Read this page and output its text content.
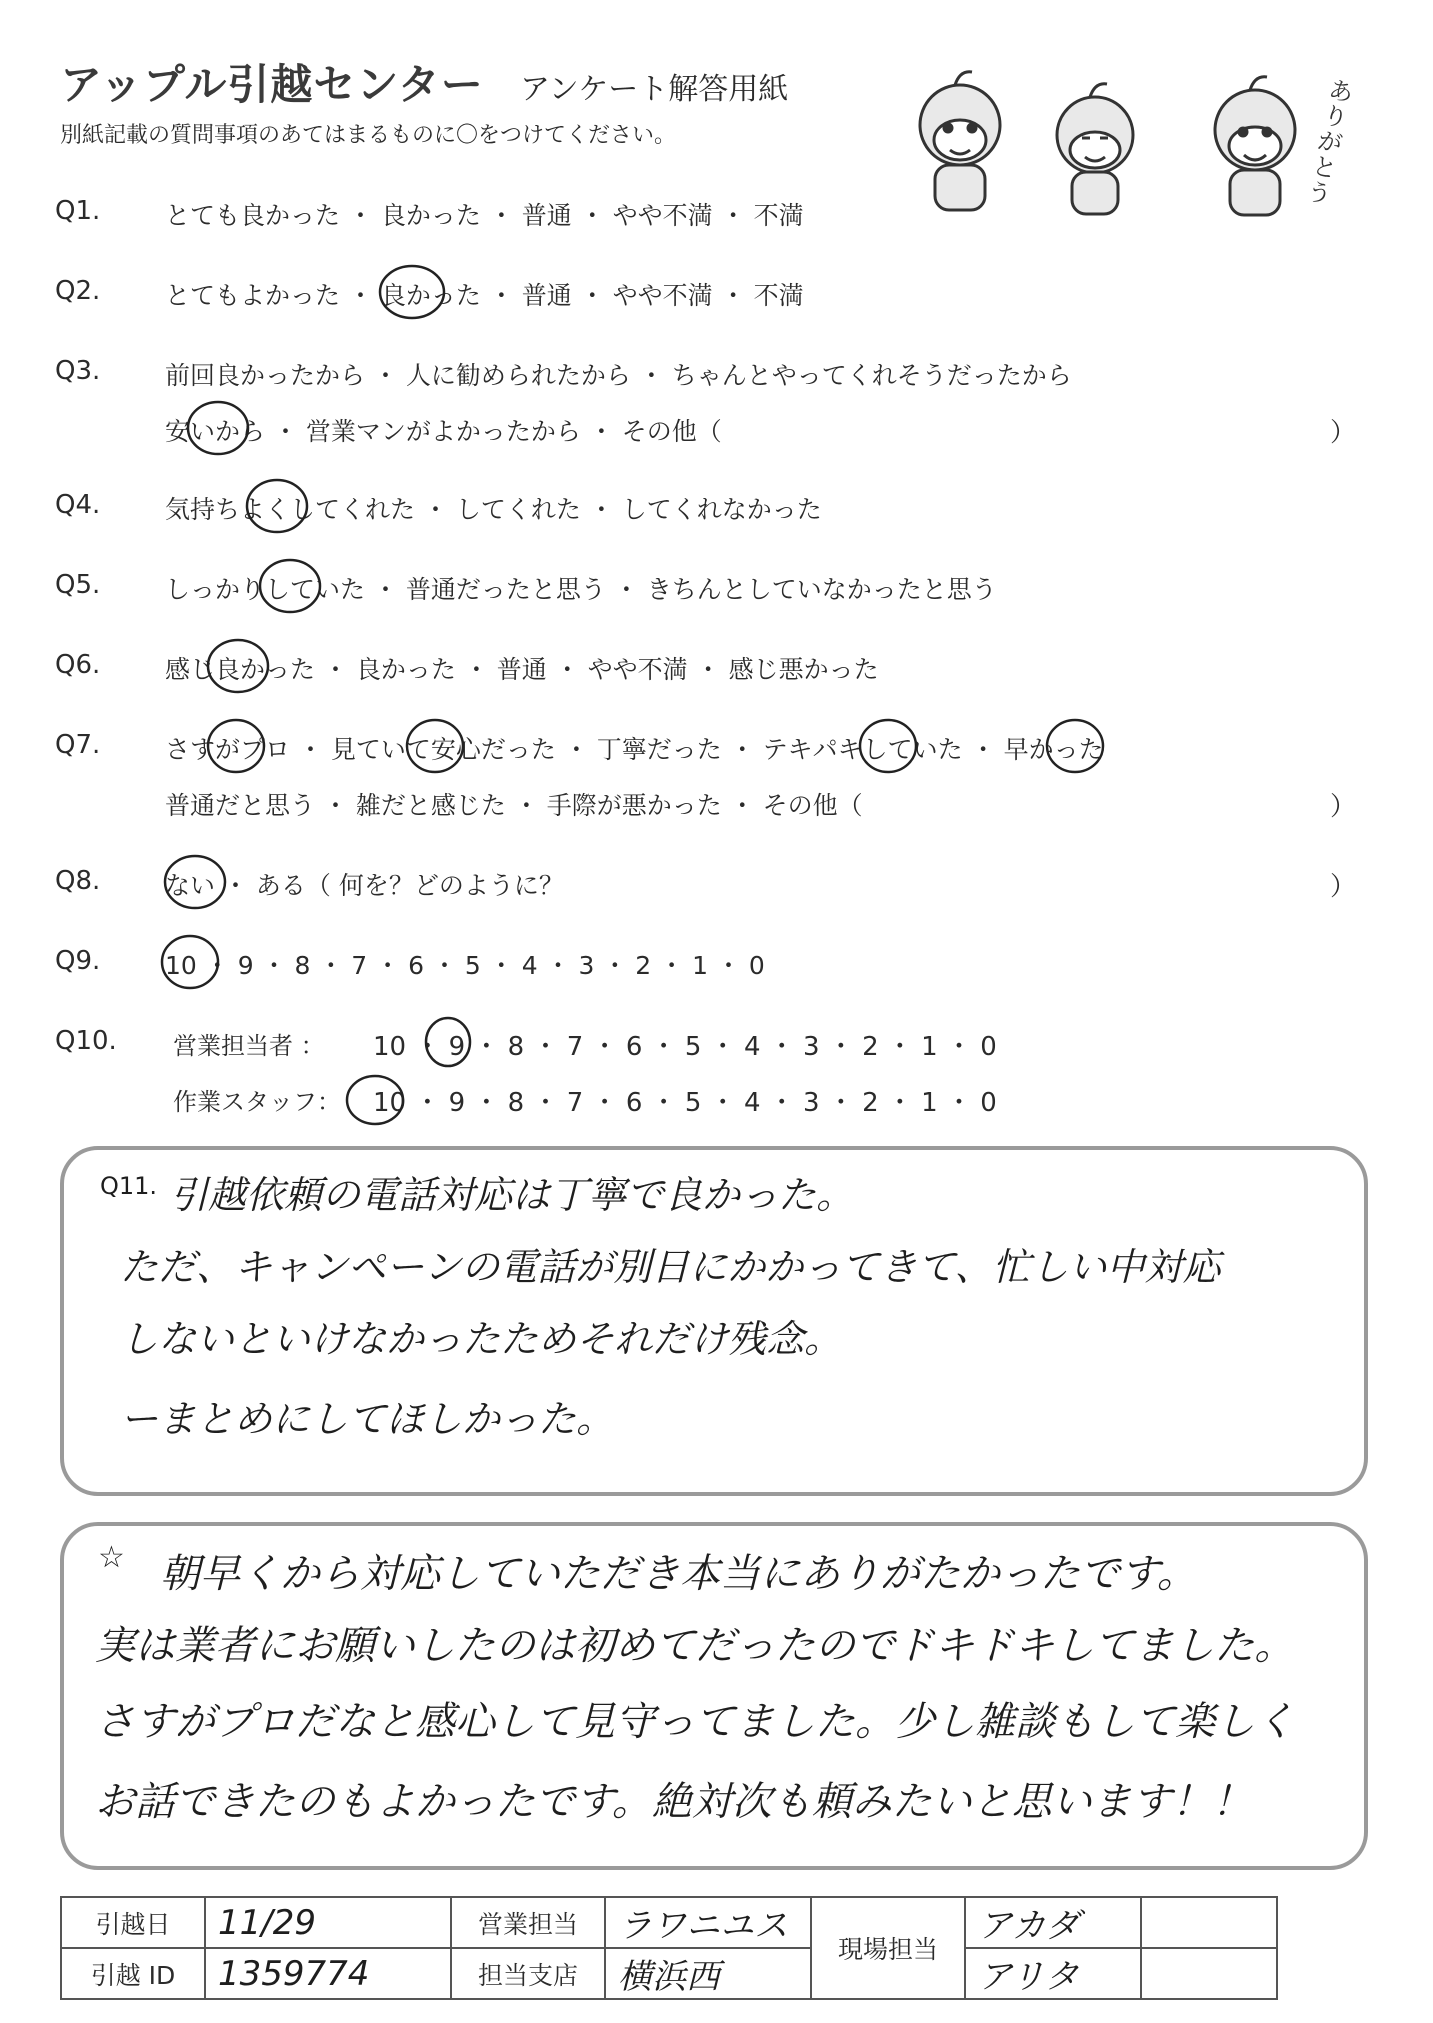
アップル引越センター アンケート解答用紙
別紙記載の質問事項のあてはまるものに〇をつけてください。
ありがとう
Q1.	とても良かった ・ 良かった ・ 普通 ・ やや不満 ・ 不満
Q2.	とてもよかった ・ 良かった ・ 普通 ・ やや不満 ・ 不満
Q3.	前回良かったから ・ 人に勧められたから ・ ちゃんとやってくれそうだったから
安いから ・ 営業マンがよかったから ・ その他（	）
Q4.	気持ちよくしてくれた ・ してくれた ・ してくれなかった
Q5.	しっかりしていた ・ 普通だったと思う ・ きちんとしていなかったと思う
Q6.	感じ良かった ・ 良かった ・ 普通 ・ やや不満 ・ 感じ悪かった
Q7.	さすがプロ ・ 見ていて安心だった ・ 丁寧だった ・ テキパキしていた ・ 早かった
普通だと思う ・ 雑だと感じた ・ 手際が悪かった ・ その他（	）
Q8.	ない ・ ある（ 何を？どのように？	）
Q9.	10 ・ 9 ・ 8 ・ 7 ・ 6 ・ 5 ・ 4 ・ 3 ・ 2 ・ 1 ・ 0
Q10. 営業担当者 ： 10 ・ 9 ・ 8 ・ 7 ・ 6 ・ 5 ・ 4 ・ 3 ・ 2 ・ 1 ・ 0
作業スタッフ： 10 ・ 9 ・ 8 ・ 7 ・ 6 ・ 5 ・ 4 ・ 3 ・ 2 ・ 1 ・ 0
Q11. 引越依頼の電話対応は丁寧で良かった。
ただ、キャンペーンの電話が別日にかかってきて、忙しい中対応
しないといけなかったためそれだけ残念。
ーまとめにしてほしかった。
☆ 朝早くから対応していただき本当にありがたかったです。
実は業者にお願いしたのは初めてだったのでドキドキしてました。
さすがプロだなと感心して見守ってました。少し雑談もして楽しく
お話できたのもよかったです。絶対次も頼みたいと思います！！
引越日	11/29	営業担当	ラワニユス	現場担当	アカダ	
引越 ID	1359774	担当支店	横浜西		アリタ	
